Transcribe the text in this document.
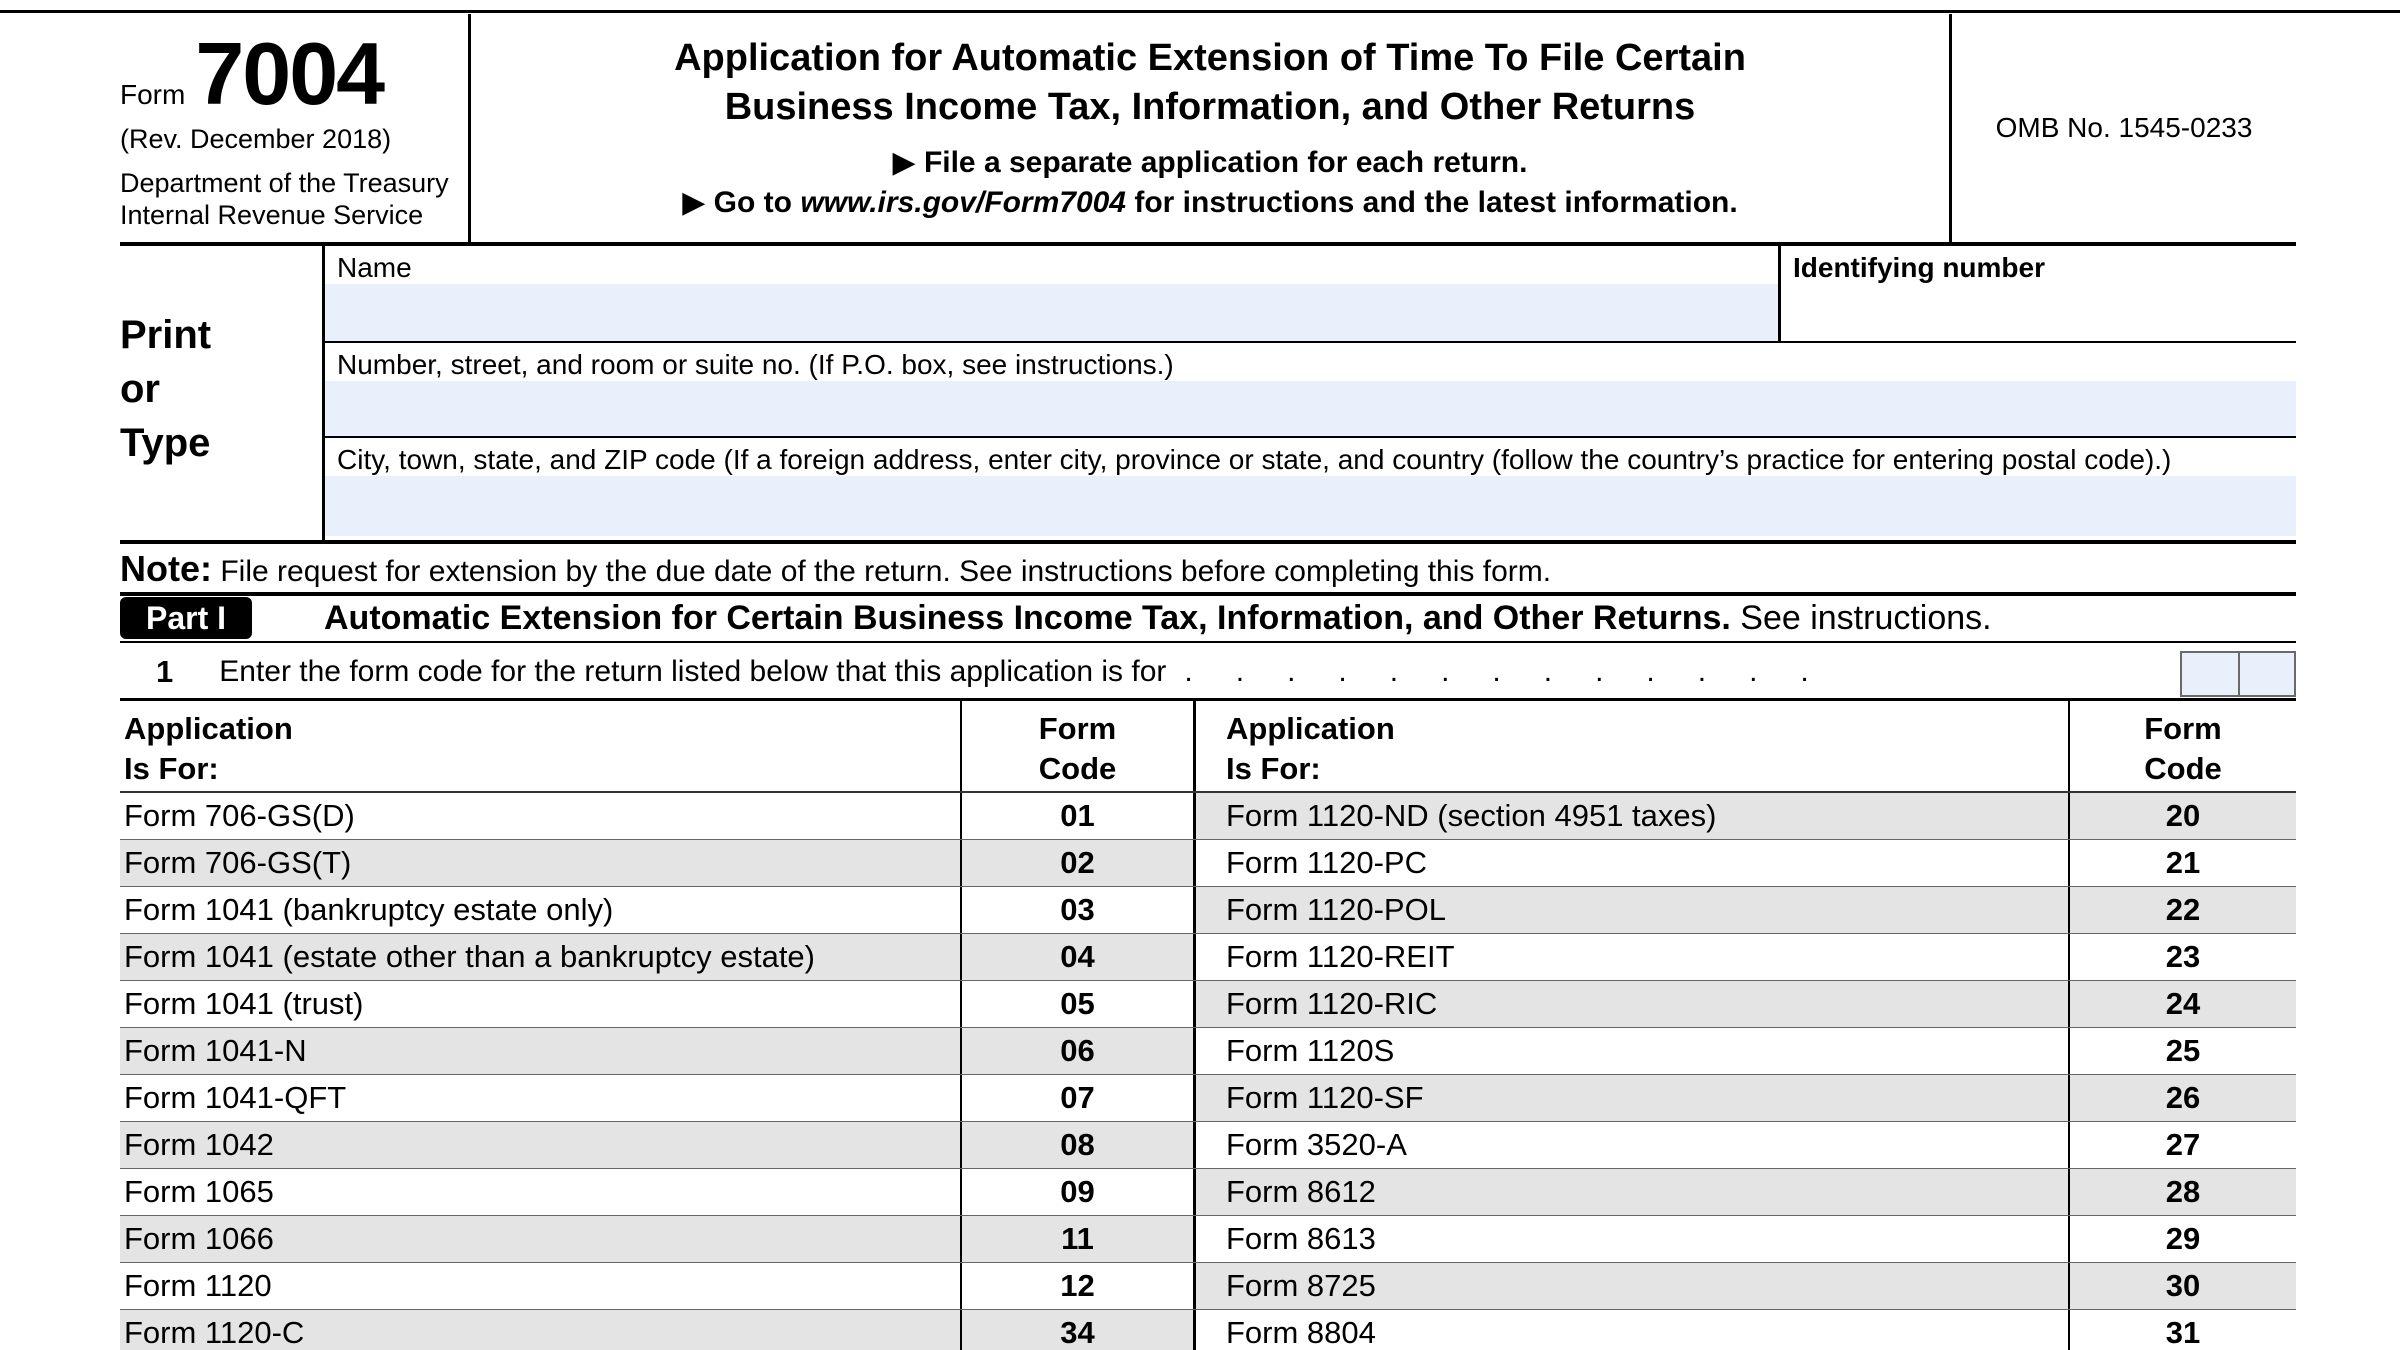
Form 7004
(Rev. December 2018)
Department of the Treasury
Internal Revenue Service
Application for Automatic Extension of Time To File Certain
Business Income Tax, Information, and Other Returns
▶ File a separate application for each return.
▶ Go to www.irs.gov/Form7004 for instructions and the latest information.
OMB No. 1545-0233
Print
or
Type
Name	Identifying number
Number, street, and room or suite no. (If P.O. box, see instructions.)
City, town, state, and ZIP code (If a foreign address, enter city, province or state, and country (follow the country’s practice for entering postal code).)
Note: File request for extension by the due date of the return. See instructions before completing this form.
Part I	Automatic Extension for Certain Business Income Tax, Information, and Other Returns. See instructions.
1 Enter the form code for the return listed below that this application is for .............
Application
Is For:
Form
Code
Application
Is For:
Form
Code
Form 706-GS(D)	01	Form 1120-ND (section 4951 taxes)	20
Form 706-GS(T)	02	Form 1120-PC	21
Form 1041 (bankruptcy estate only)	03	Form 1120-POL	22
Form 1041 (estate other than a bankruptcy estate)	04	Form 1120-REIT	23
Form 1041 (trust)	05	Form 1120-RIC	24
Form 1041-N	06	Form 1120S	25
Form 1041-QFT	07	Form 1120-SF	26
Form 1042	08	Form 3520-A	27
Form 1065	09	Form 8612	28
Form 1066	11	Form 8613	29
Form 1120	12	Form 8725	30
Form 1120-C	34	Form 8804	31
